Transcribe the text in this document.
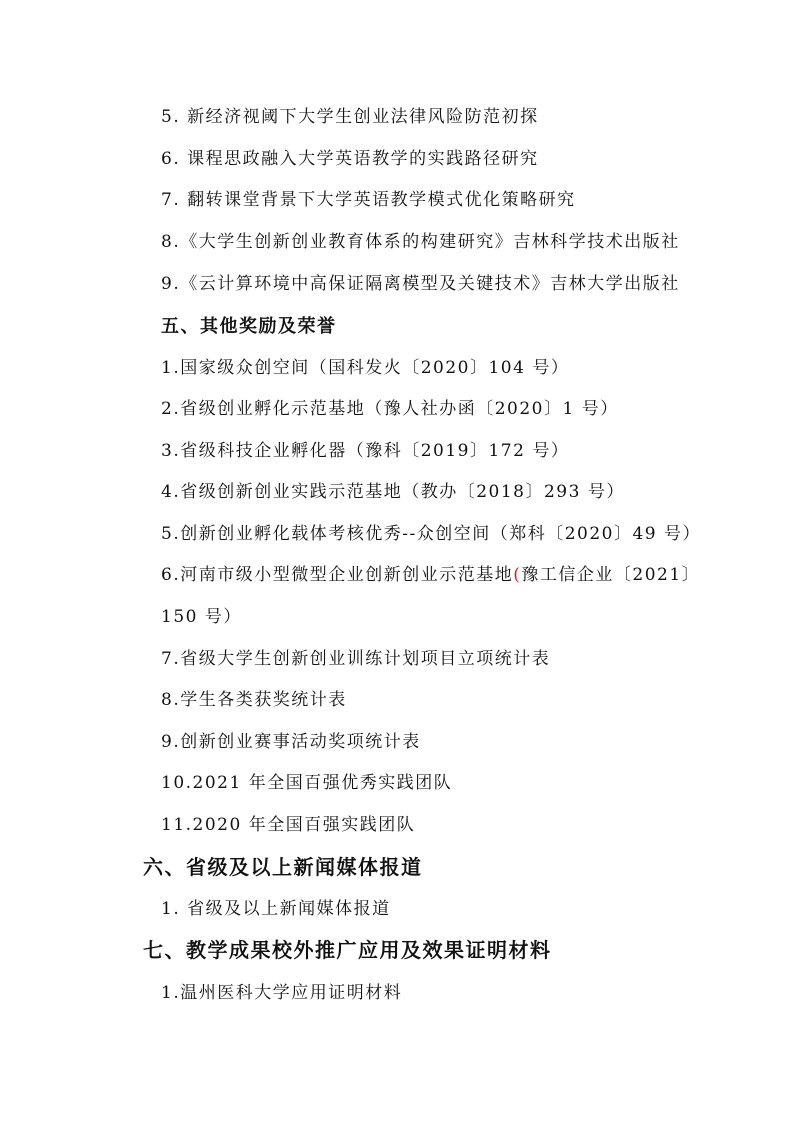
5. 新经济视阈下大学生创业法律风险防范初探
6. 课程思政融入大学英语教学的实践路径研究
7. 翻转课堂背景下大学英语教学模式优化策略研究
8.《大学生创新创业教育体系的构建研究》吉林科学技术出版社
9.《云计算环境中高保证隔离模型及关键技术》吉林大学出版社
五、其他奖励及荣誉
1.国家级众创空间（国科发火〔2020〕104 号）
2.省级创业孵化示范基地（豫人社办函〔2020〕1 号）
3.省级科技企业孵化器（豫科〔2019〕172 号）
4.省级创新创业实践示范基地（教办〔2018〕293 号）
5.创新创业孵化载体考核优秀--众创空间（郑科〔2020〕49 号）
6.河南市级小型微型企业创新创业示范基地(豫工信企业〔2021〕
150 号）
7.省级大学生创新创业训练计划项目立项统计表
8.学生各类获奖统计表
9.创新创业赛事活动奖项统计表
10.2021 年全国百强优秀实践团队
11.2020 年全国百强实践团队
六、省级及以上新闻媒体报道
1. 省级及以上新闻媒体报道
七、教学成果校外推广应用及效果证明材料
1.温州医科大学应用证明材料
